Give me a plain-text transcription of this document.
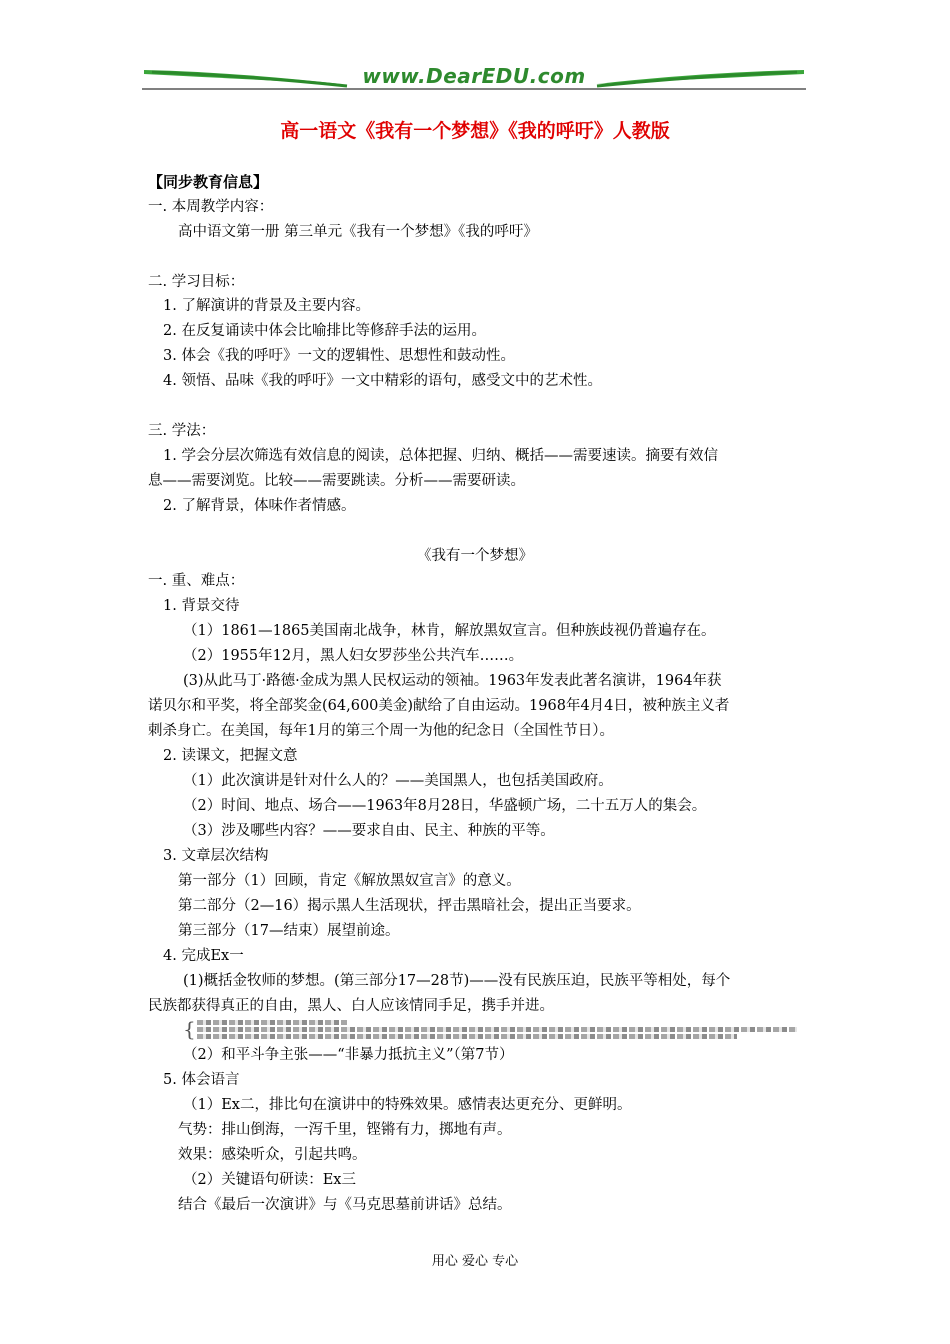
www.DearEDU.com
高一语文《我有一个梦想》《我的呼吁》人教版
【同步教育信息】
一. 本周教学内容：
高中语文第一册 第三单元《我有一个梦想》《我的呼吁》
二. 学习目标：
1. 了解演讲的背景及主要内容。
2. 在反复诵读中体会比喻排比等修辞手法的运用。
3. 体会《我的呼吁》一文的逻辑性、思想性和鼓动性。
4. 领悟、品味《我的呼吁》一文中精彩的语句，感受文中的艺术性。
三. 学法：
1. 学会分层次筛选有效信息的阅读，总体把握、归纳、概括——需要速读。摘要有效信
息——需要浏览。比较——需要跳读。分析——需要研读。
2. 了解背景，体味作者情感。
《我有一个梦想》
一. 重、难点：
1. 背景交待
（1）1861—1865美国南北战争，林肯，解放黑奴宣言。但种族歧视仍普遍存在。
（2）1955年12月，黑人妇女罗莎坐公共汽车……。
(3)从此马丁·路德·金成为黑人民权运动的领袖。1963年发表此著名演讲，1964年获
诺贝尔和平奖，将全部奖金(64,600美金)献给了自由运动。1968年4月4日，被种族主义者
刺杀身亡。在美国，每年1月的第三个周一为他的纪念日（全国性节日）。
2. 读课文，把握文意
（1）此次演讲是针对什么人的？——美国黑人，也包括美国政府。
（2）时间、地点、场合——1963年8月28日，华盛顿广场，二十五万人的集会。
（3）涉及哪些内容？——要求自由、民主、种族的平等。
3. 文章层次结构
第一部分（1）回顾，肯定《解放黑奴宣言》的意义。
第二部分（2—16）揭示黑人生活现状，抨击黑暗社会，提出正当要求。
第三部分（17—结束）展望前途。
4. 完成Ex一
(1)概括金牧师的梦想。(第三部分17—28节)——没有民族压迫，民族平等相处，每个
民族都获得真正的自由，黑人、白人应该情同手足，携手并进。
{
（2）和平斗争主张——“非暴力抵抗主义”（第7节）
5. 体会语言
（1）Ex二，排比句在演讲中的特殊效果。感情表达更充分、更鲜明。
气势：排山倒海，一泻千里，铿锵有力，掷地有声。
效果：感染听众，引起共鸣。
（2）关键语句研读：Ex三
结合《最后一次演讲》与《马克思墓前讲话》总结。
用心 爱心 专心
